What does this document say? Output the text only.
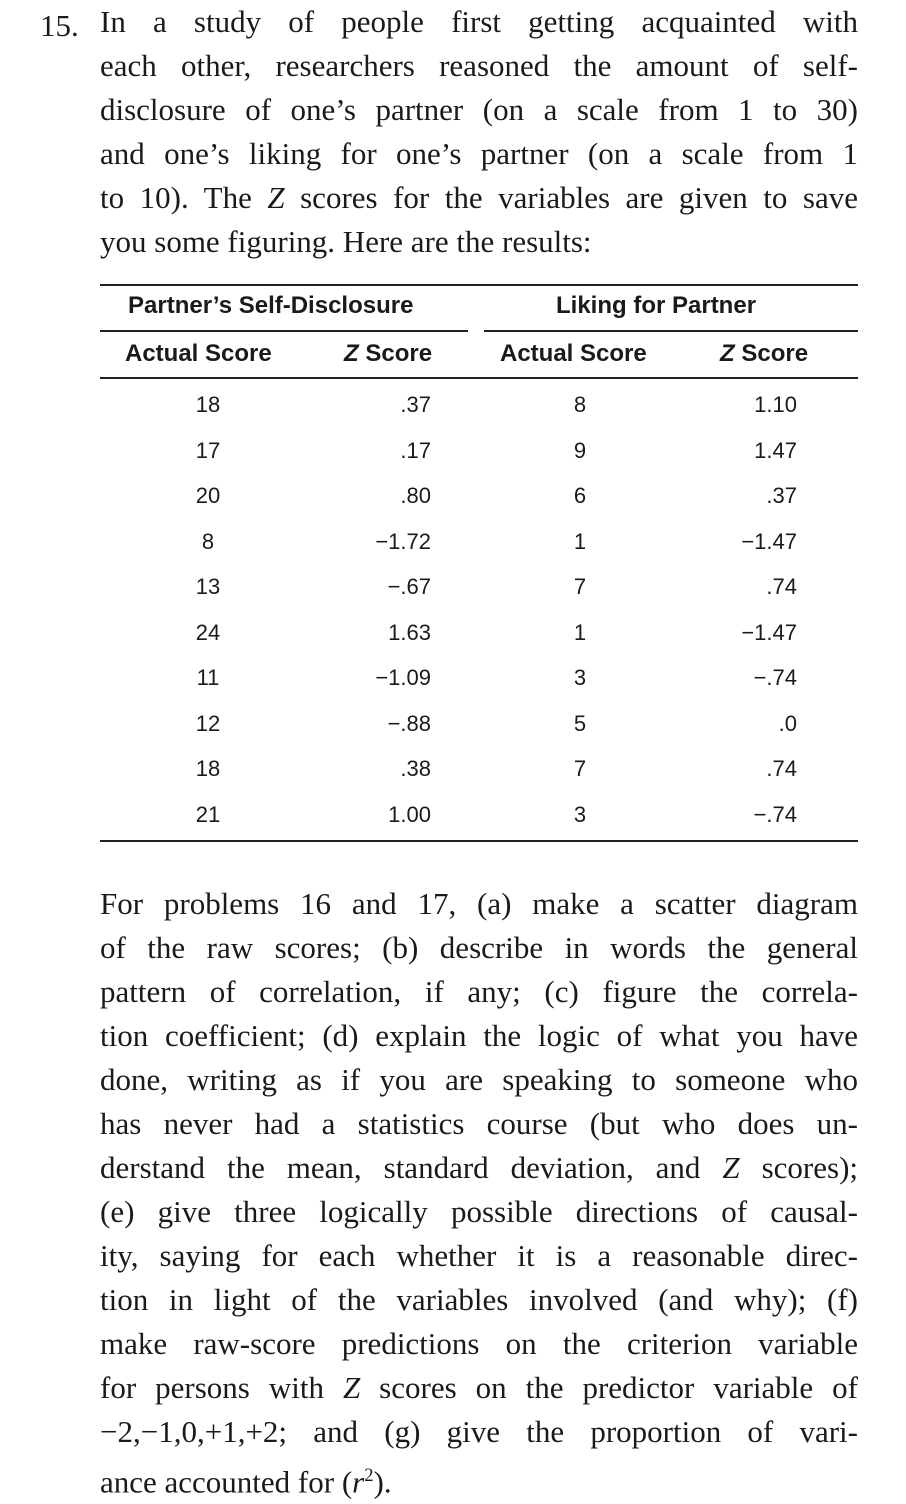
15. In a study of people first getting acquainted with
each other, researchers reasoned the amount of self-
disclosure of one’s partner (on a scale from 1 to 30)
and one’s liking for one’s partner (on a scale from 1
to 10). The Z scores for the variables are given to save
you some figuring. Here are the results:
Partner’s Self-Disclosure	Liking for Partner
Actual Score	Z Score	Actual Score	Z Score
18	.37	8	1.10
17	.17	9	1.47
20	.80	6	.37
8	−1.72	1	−1.47
13	−.67	7	.74
24	1.63	1	−1.47
11	−1.09	3	−.74
12	−.88	5	.0
18	.38	7	.74
21	1.00	3	−.74
For problems 16 and 17, (a) make a scatter diagram
of the raw scores; (b) describe in words the general
pattern of correlation, if any; (c) figure the correla-
tion coefficient; (d) explain the logic of what you have
done, writing as if you are speaking to someone who
has never had a statistics course (but who does un-
derstand the mean, standard deviation, and Z scores);
(e) give three logically possible directions of causal-
ity, saying for each whether it is a reasonable direc-
tion in light of the variables involved (and why); (f)
make raw-score predictions on the criterion variable
for persons with Z scores on the predictor variable of
−2,−1,0,+1,+2; and (g) give the proportion of vari-
ance accounted for $(r^2)$.
